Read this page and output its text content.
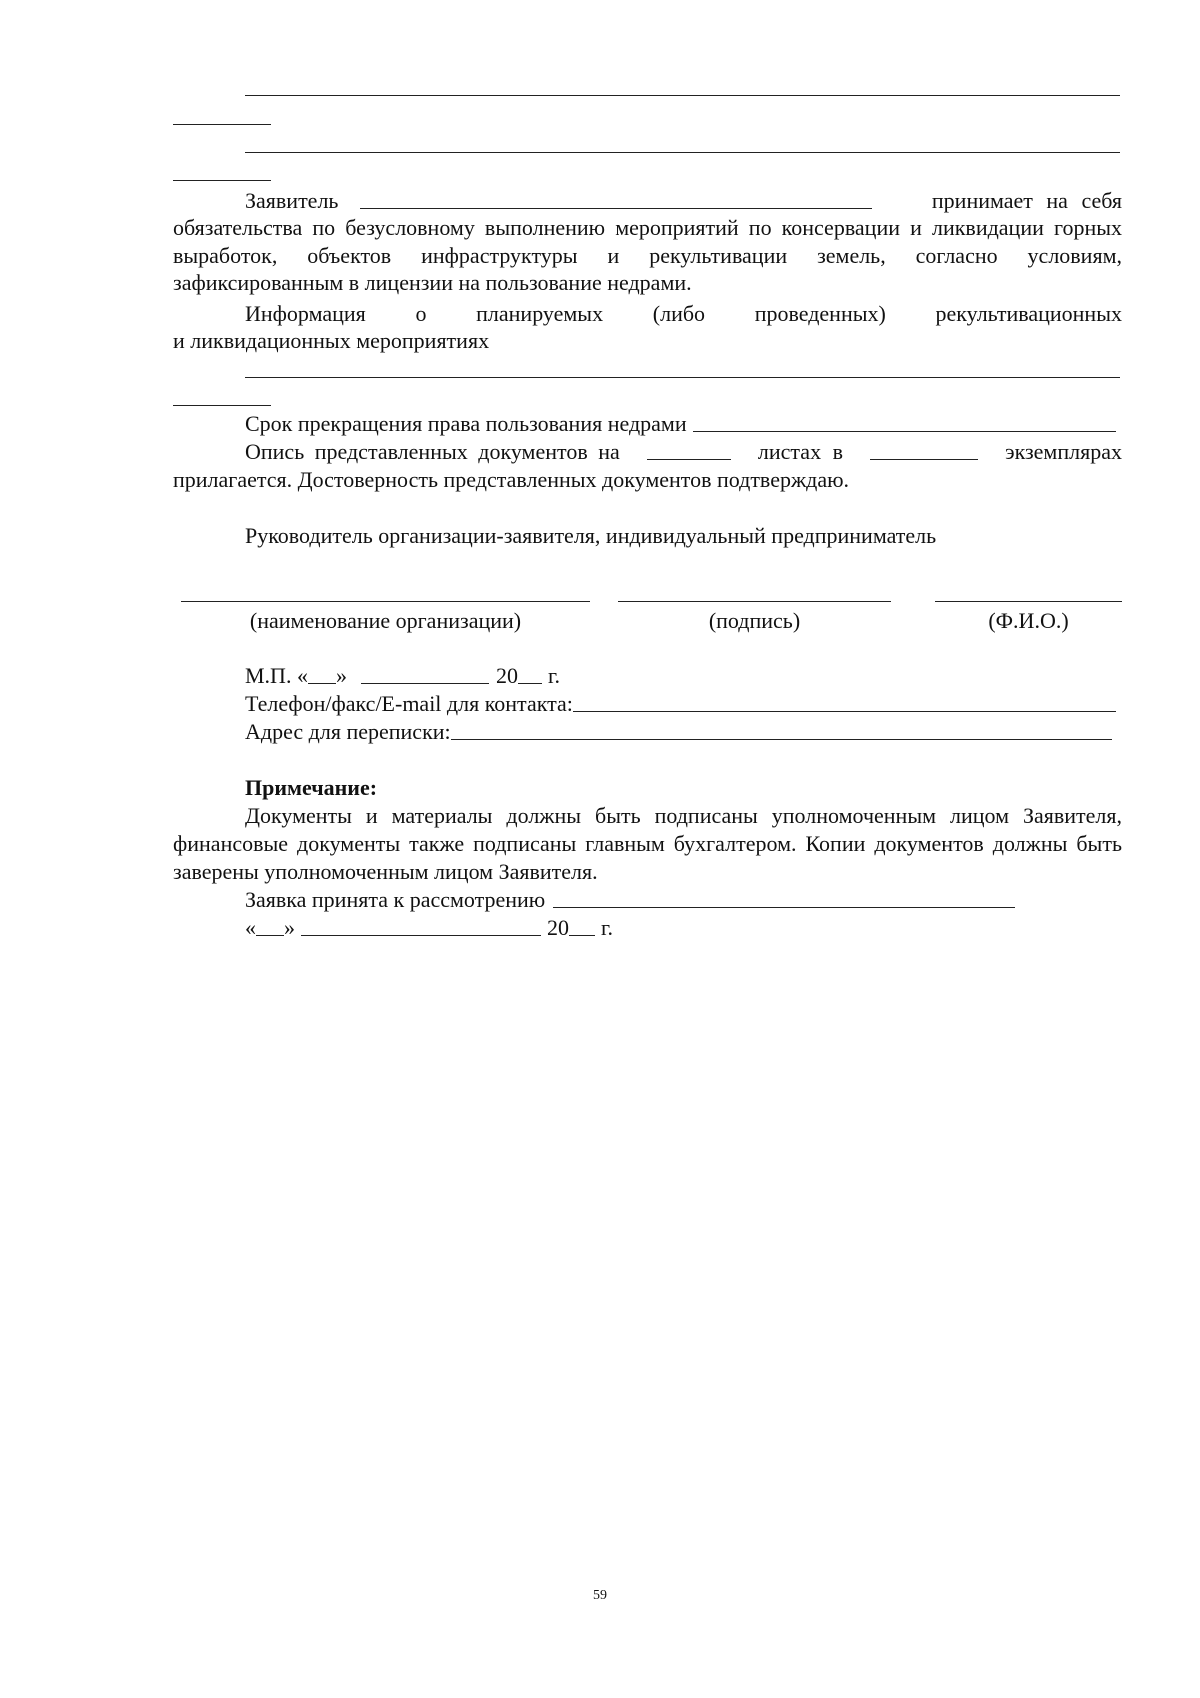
Заявитель	принимает на себя
обязательства по безусловному выполнению мероприятий по консервации и ликвидации горных выработок, объектов инфраструктуры и рекультивации земель, согласно условиям, зафиксированным в лицензии на пользование недрами.
Информация о планируемых (либо проведенных) рекультивационных
и ликвидационных мероприятиях
Срок прекращения права пользования недрами
Опись представленных документов на	листах в	экземплярах
прилагается. Достоверность представленных документов подтверждаю.
Руководитель организации-заявителя, индивидуальный предприниматель
(наименование организации)	(подпись)	(Ф.И.О.)
М.П. « »	20 г.
Телефон/факс/E-mail для контакта:
Адрес для переписки:
Примечание:
Документы и материалы должны быть подписаны уполномоченным лицом Заявителя, финансовые документы также подписаны главным бухгалтером. Копии документов должны быть заверены уполномоченным лицом Заявителя.
Заявка принята к рассмотрению
« »	20 г.
59
